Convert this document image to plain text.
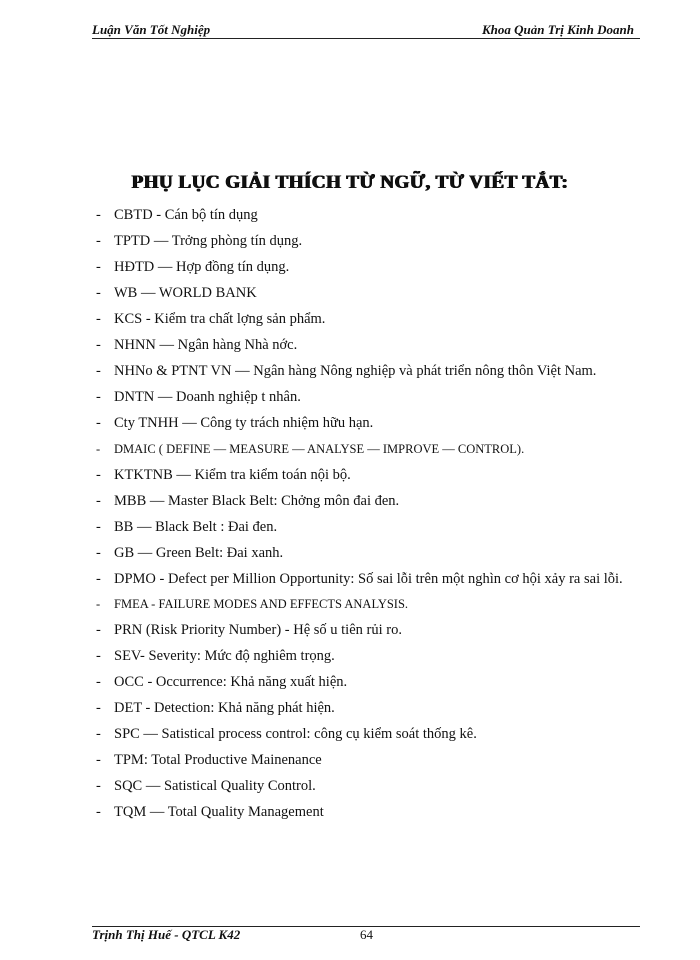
Luận Văn Tốt Nghiệp	Khoa Quản Trị Kinh Doanh
PHỤ LỤC GIẢI THÍCH TỪ NGỮ, TỪ VIẾT TẮT:
- CBTD - Cán bộ tín dụng
- TPTD — Trởng phòng tín dụng.
- HĐTD — Hợp đồng tín dụng.
- WB — WORLD BANK
- KCS - Kiểm tra chất lợng sản phẩm.
- NHNN — Ngân hàng Nhà nớc.
- NHNo & PTNT VN — Ngân hàng Nông nghiệp và phát triển nông thôn Việt Nam.
- DNTN — Doanh nghiệp t nhân.
- Cty TNHH — Công ty trách nhiệm hữu hạn.
- DMAIC ( DEFINE — MEASURE — ANALYSE — IMPROVE — CONTROL).
- KTKTNB — Kiểm tra kiểm toán nội bộ.
- MBB — Master Black Belt: Chởng môn đai đen.
- BB — Black Belt : Đai đen.
- GB — Green Belt: Đai xanh.
- DPMO - Defect per Million Opportunity: Số sai lỗi trên một nghìn cơ hội xảy ra sai lỗi.
- FMEA - FAILURE MODES AND EFFECTS ANALYSIS.
- PRN (Risk Priority Number) - Hệ số u tiên rủi ro.
- SEV- Severity: Mức độ nghiêm trọng.
- OCC - Occurrence: Khả năng xuất hiện.
- DET - Detection: Khả năng phát hiện.
- SPC — Satistical process control: công cụ kiểm soát thống kê.
- TPM: Total Productive Mainenance
- SQC — Satistical Quality Control.
- TQM — Total Quality Management
Trịnh Thị Huế - QTCL K42	64
